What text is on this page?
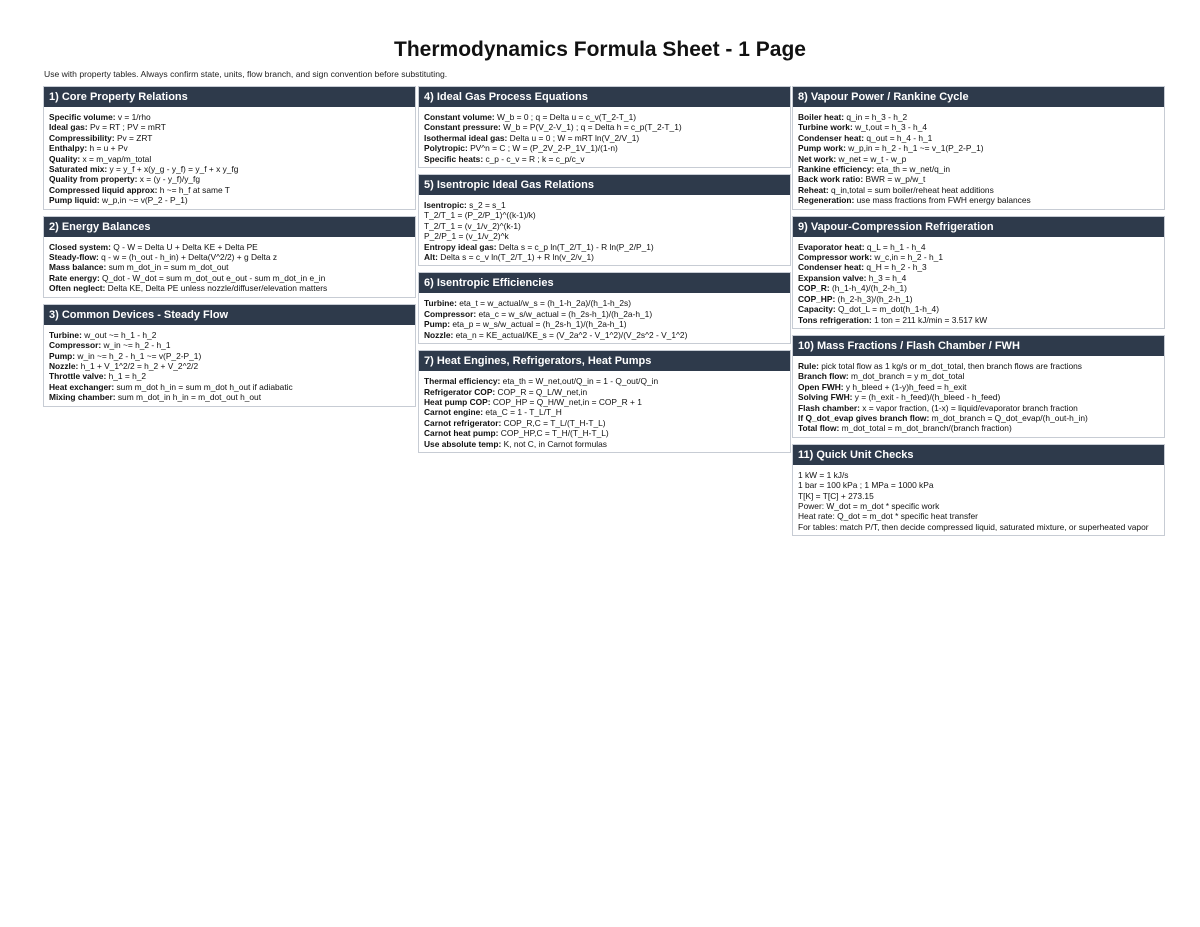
Thermodynamics Formula Sheet - 1 Page
Use with property tables. Always confirm state, units, flow branch, and sign convention before substituting.
1) Core Property Relations
Specific volume: v = 1/rho
Ideal gas: Pv = RT ; PV = mRT
Compressibility: Pv = ZRT
Enthalpy: h = u + Pv
Quality: x = m_vap/m_total
Saturated mix: y = y_f + x(y_g - y_f) = y_f + x y_fg
Quality from property: x = (y - y_f)/y_fg
Compressed liquid approx: h ~= h_f at same T
Pump liquid: w_p,in ~= v(P_2 - P_1)
2) Energy Balances
Closed system: Q - W = Delta U + Delta KE + Delta PE
Steady-flow: q - w = (h_out - h_in) + Delta(V^2/2) + g Delta z
Mass balance: sum m_dot_in = sum m_dot_out
Rate energy: Q_dot - W_dot = sum m_dot_out e_out - sum m_dot_in e_in
Often neglect: Delta KE, Delta PE unless nozzle/diffuser/elevation matters
3) Common Devices - Steady Flow
Turbine: w_out ~= h_1 - h_2
Compressor: w_in ~= h_2 - h_1
Pump: w_in ~= h_2 - h_1 ~= v(P_2-P_1)
Nozzle: h_1 + V_1^2/2 = h_2 + V_2^2/2
Throttle valve: h_1 = h_2
Heat exchanger: sum m_dot h_in = sum m_dot h_out if adiabatic
Mixing chamber: sum m_dot_in h_in = m_dot_out h_out
4) Ideal Gas Process Equations
Constant volume: W_b = 0 ; q = Delta u = c_v(T_2-T_1)
Constant pressure: W_b = P(V_2-V_1) ; q = Delta h = c_p(T_2-T_1)
Isothermal ideal gas: Delta u = 0 ; W = mRT ln(V_2/V_1)
Polytropic: PV^n = C ; W = (P_2V_2-P_1V_1)/(1-n)
Specific heats: c_p - c_v = R ; k = c_p/c_v
5) Isentropic Ideal Gas Relations
Isentropic: s_2 = s_1
T_2/T_1 = (P_2/P_1)^((k-1)/k)
T_2/T_1 = (v_1/v_2)^(k-1)
P_2/P_1 = (v_1/v_2)^k
Entropy ideal gas: Delta s = c_p ln(T_2/T_1) - R ln(P_2/P_1)
Alt: Delta s = c_v ln(T_2/T_1) + R ln(v_2/v_1)
6) Isentropic Efficiencies
Turbine: eta_t = w_actual/w_s = (h_1-h_2a)/(h_1-h_2s)
Compressor: eta_c = w_s/w_actual = (h_2s-h_1)/(h_2a-h_1)
Pump: eta_p = w_s/w_actual = (h_2s-h_1)/(h_2a-h_1)
Nozzle: eta_n = KE_actual/KE_s = (V_2a^2 - V_1^2)/(V_2s^2 - V_1^2)
7) Heat Engines, Refrigerators, Heat Pumps
Thermal efficiency: eta_th = W_net,out/Q_in = 1 - Q_out/Q_in
Refrigerator COP: COP_R = Q_L/W_net,in
Heat pump COP: COP_HP = Q_H/W_net,in = COP_R + 1
Carnot engine: eta_C = 1 - T_L/T_H
Carnot refrigerator: COP_R,C = T_L/(T_H-T_L)
Carnot heat pump: COP_HP,C = T_H/(T_H-T_L)
Use absolute temp: K, not C, in Carnot formulas
8) Vapour Power / Rankine Cycle
Boiler heat: q_in = h_3 - h_2
Turbine work: w_t,out = h_3 - h_4
Condenser heat: q_out = h_4 - h_1
Pump work: w_p,in = h_2 - h_1 ~= v_1(P_2-P_1)
Net work: w_net = w_t - w_p
Rankine efficiency: eta_th = w_net/q_in
Back work ratio: BWR = w_p/w_t
Reheat: q_in,total = sum boiler/reheat heat additions
Regeneration: use mass fractions from FWH energy balances
9) Vapour-Compression Refrigeration
Evaporator heat: q_L = h_1 - h_4
Compressor work: w_c,in = h_2 - h_1
Condenser heat: q_H = h_2 - h_3
Expansion valve: h_3 = h_4
COP_R: (h_1-h_4)/(h_2-h_1)
COP_HP: (h_2-h_3)/(h_2-h_1)
Capacity: Q_dot_L = m_dot(h_1-h_4)
Tons refrigeration: 1 ton = 211 kJ/min = 3.517 kW
10) Mass Fractions / Flash Chamber / FWH
Rule: pick total flow as 1 kg/s or m_dot_total, then branch flows are fractions
Branch flow: m_dot_branch = y m_dot_total
Open FWH: y h_bleed + (1-y)h_feed = h_exit
Solving FWH: y = (h_exit - h_feed)/(h_bleed - h_feed)
Flash chamber: x = vapor fraction, (1-x) = liquid/evaporator branch fraction
If Q_dot_evap gives branch flow: m_dot_branch = Q_dot_evap/(h_out-h_in)
Total flow: m_dot_total = m_dot_branch/(branch fraction)
11) Quick Unit Checks
1 kW = 1 kJ/s
1 bar = 100 kPa ; 1 MPa = 1000 kPa
T[K] = T[C] + 273.15
Power: W_dot = m_dot * specific work
Heat rate: Q_dot = m_dot * specific heat transfer
For tables: match P/T, then decide compressed liquid, saturated mixture, or superheated vapor
